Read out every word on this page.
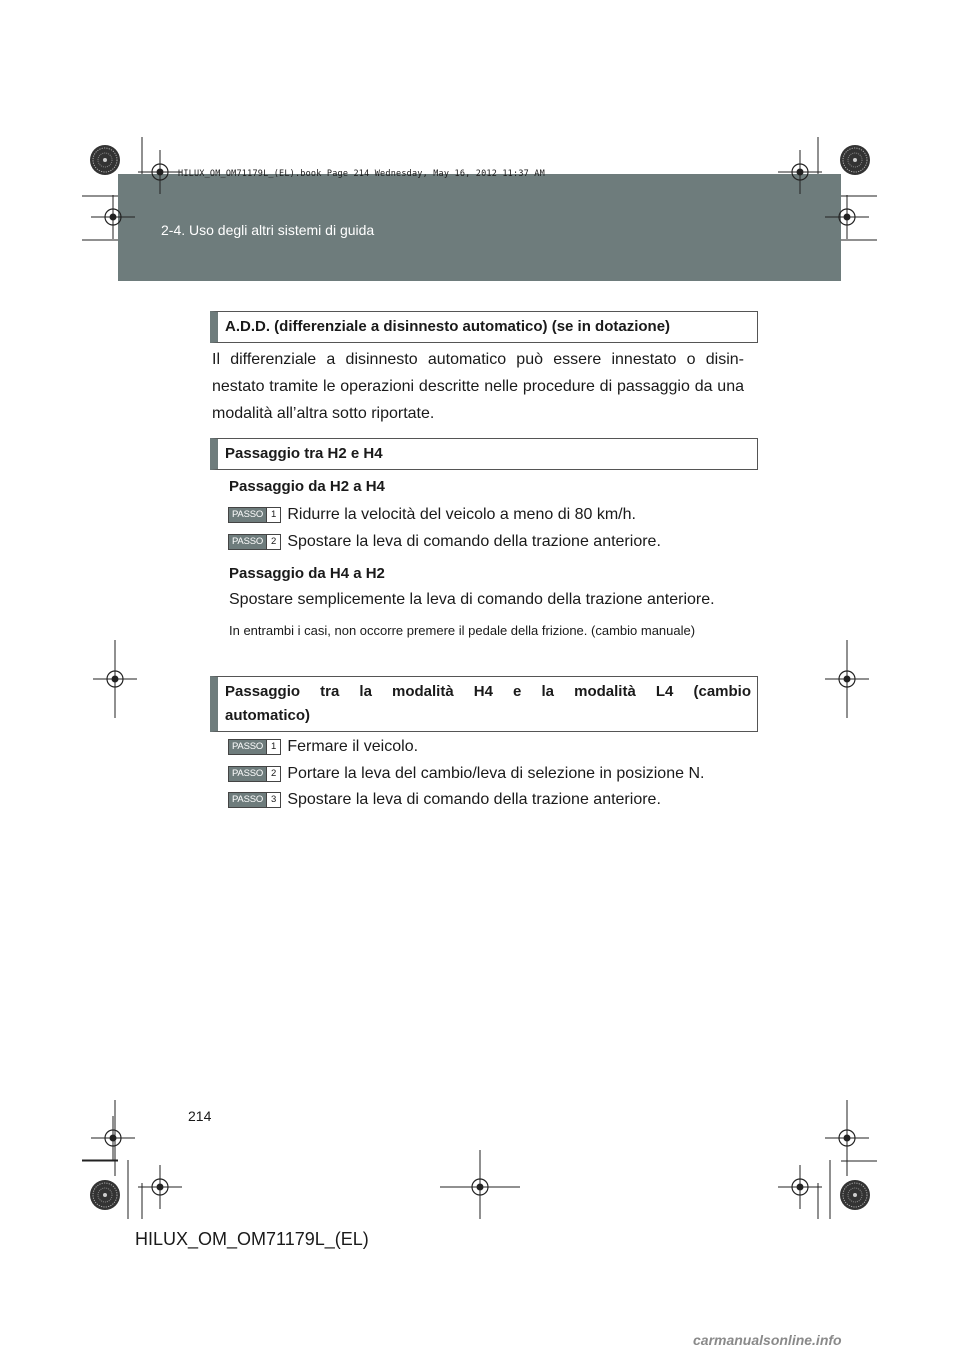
HILUX_OM_OM71179L_(EL).book Page 214 Wednesday, May 16, 2012 11:37 AM
2-4. Uso degli altri sistemi di guida
A.D.D. (differenziale a disinnesto automatico) (se in dotazione)
Il differenziale a disinnesto automatico può essere innestato o disin-nestato tramite le operazioni descritte nelle procedure di passaggio da una modalità all’altra sotto riportate.
Passaggio tra H2 e H4
Passaggio da H2 a H4
PASSO 1 Ridurre la velocità del veicolo a meno di 80 km/h.
PASSO 2 Spostare la leva di comando della trazione anteriore.
Passaggio da H4 a H2
Spostare semplicemente la leva di comando della trazione anteriore.
In entrambi i casi, non occorre premere il pedale della frizione. (cambio manuale)
Passaggio tra la modalità H4 e la modalità L4 (cambio
automatico)
PASSO 1 Fermare il veicolo.
PASSO 2 Portare la leva del cambio/leva di selezione in posizione N.
PASSO 3 Spostare la leva di comando della trazione anteriore.
214
HILUX_OM_OM71179L_(EL)
carmanualsonline.info
